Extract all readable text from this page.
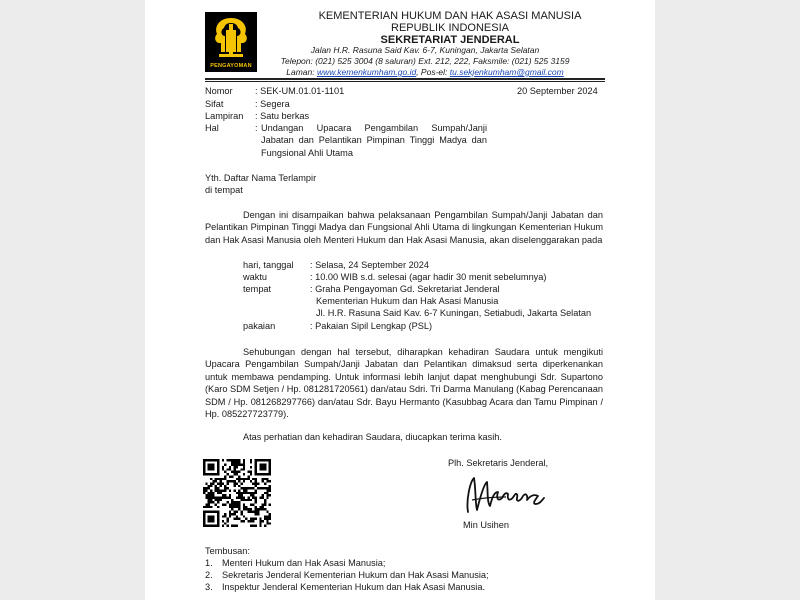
PENGAYOMAN
KEMENTERIAN HUKUM DAN HAK ASASI MANUSIA
REPUBLIK INDONESIA
SEKRETARIAT JENDERAL
Jalan H.R. Rasuna Said Kav. 6-7, Kuningan, Jakarta Selatan
Telepon: (021) 525 3004 (8 saluran) Ext. 212, 222, Faksmile: (021) 525 3159
Laman: www.kemenkumham.go.id, Pos-el: tu.sekjenkumham@gmail.com
Nomor : SEK-UM.01.01-1101	20 September 2024
Sifat	: Segera
Lampiran : Satu berkas
Hal	: Undangan Upacara Pengambilan Sumpah/Janji Jabatan dan Pelantikan Pimpinan Tinggi Madya dan Fungsional Ahli Utama
Yth. Daftar Nama Terlampir
di tempat
Dengan ini disampaikan bahwa pelaksanaan Pengambilan Sumpah/Janji Jabatan dan Pelantikan Pimpinan Tinggi Madya dan Fungsional Ahli Utama di lingkungan Kementerian Hukum dan Hak Asasi Manusia oleh Menteri Hukum dan Hak Asasi Manusia, akan diselenggarakan pada
hari, tanggal : Selasa, 24 September 2024
waktu	: 10.00 WIB s.d. selesai (agar hadir 30 menit sebelumnya)
tempat	: Graha Pengayoman Gd. Sekretariat Jenderal
Kementerian Hukum dan Hak Asasi Manusia
Jl. H.R. Rasuna Said Kav. 6-7 Kuningan, Setiabudi, Jakarta Selatan
pakaian	: Pakaian Sipil Lengkap (PSL)
Sehubungan dengan hal tersebut, diharapkan kehadiran Saudara untuk mengikuti Upacara Pengambilan Sumpah/Janji Jabatan dan Pelantikan dimaksud serta diperkenankan untuk membawa pendamping. Untuk informasi lebih lanjut dapat menghubungi Sdr. Supartono (Karo SDM Setjen / Hp. 081281720561) dan/atau Sdri. Tri Darma Manulang (Kabag Perencanaan SDM / Hp. 081268297766) dan/atau Sdr. Bayu Hermanto (Kasubbag Acara dan Tamu Pimpinan / Hp. 085227723779).
Atas perhatian dan kehadiran Saudara, diucapkan terima kasih.
Plh. Sekretaris Jenderal,
Min Usihen
Tembusan:
1. Menteri Hukum dan Hak Asasi Manusia;
2. Sekretaris Jenderal Kementerian Hukum dan Hak Asasi Manusia;
3. Inspektur Jenderal Kementerian Hukum dan Hak Asasi Manusia.
